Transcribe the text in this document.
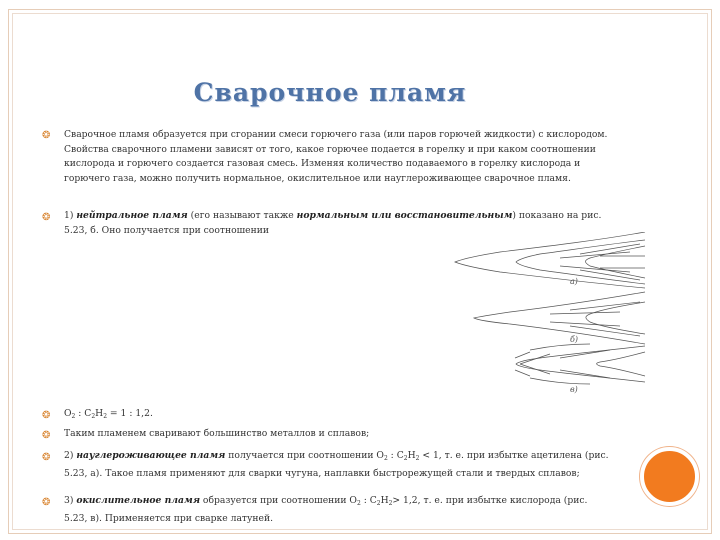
Сварочное пламя
❂ Сварочное пламя образуется при сгорании смеси горючего газа (или паров горючей жидкости) с кислородом. Свойства сварочного пламени зависят от того, какое горючее подается в горелку и при каком соотношении кислорода и горючего создается газовая смесь. Изменяя количество подаваемого в горелку кислорода и горючего газа, можно получить нормальное, окислительное или науглероживающее сварочное пламя.
❂ 1) нейтральное пламя (его называют также нормальным или восстановительным) показано на рис. 5.23, б. Оно получается при соотношении
а)
б)
в)
❂ $O_2$ : $C_2H_2 = 1$ : 1,2.
❂ Таким пламенем сваривают большинство металлов и сплавов;
❂ 2) науглероживающее пламя получается при соотношении $O_2$ : $C_2H_2 < 1$, т. е. при избытке ацетилена (рис. 5.23, а). Такое пламя применяют для сварки чугуна, наплавки быстрорежущей стали и твердых сплавов;
❂ 3) окислительное пламя образуется при соотношении $O_2$ : $C_2H_2> 1,2$, т. е. при избытке кислорода (рис. 5.23, в). Применяется при сварке латуней.
